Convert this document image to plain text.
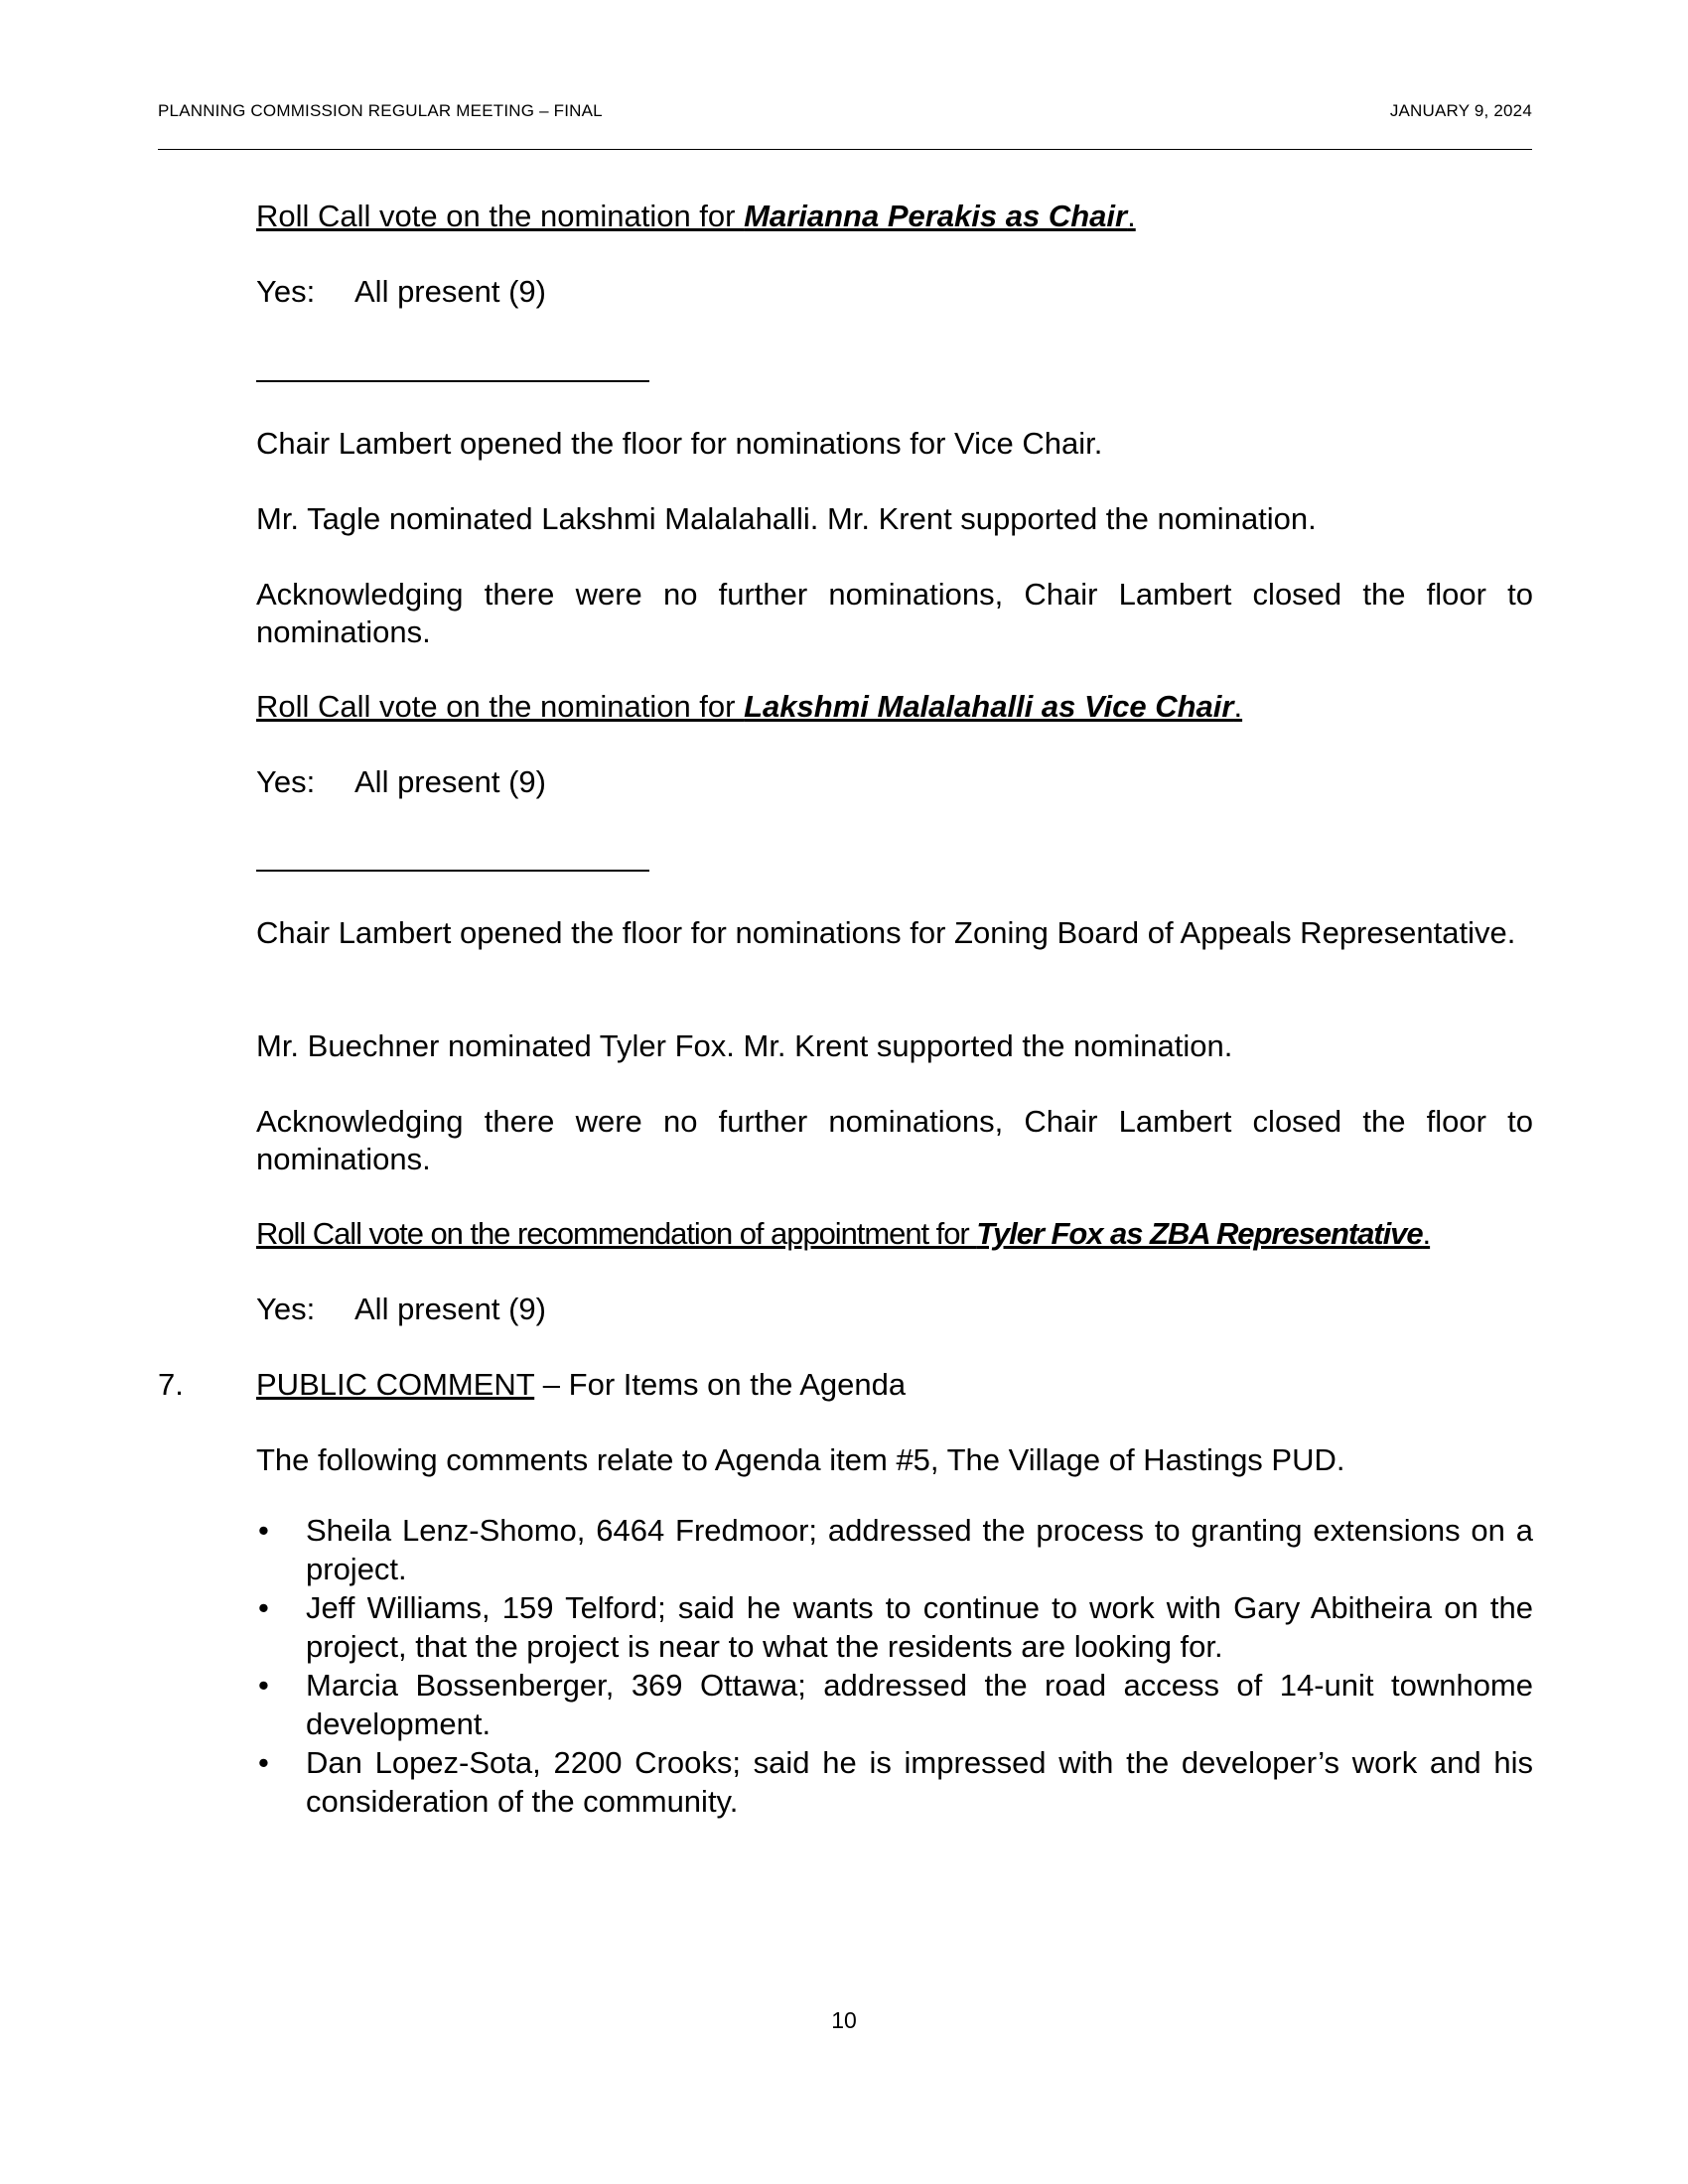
PLANNING COMMISSION REGULAR MEETING – FINAL	JANUARY 9, 2024
Roll Call vote on the nomination for Marianna Perakis as Chair.
Yes: All present (9)
Chair Lambert opened the floor for nominations for Vice Chair.
Mr. Tagle nominated Lakshmi Malalahalli. Mr. Krent supported the nomination.
Acknowledging there were no further nominations, Chair Lambert closed the floor to nominations.
Roll Call vote on the nomination for Lakshmi Malalahalli as Vice Chair.
Yes: All present (9)
Chair Lambert opened the floor for nominations for Zoning Board of Appeals Representative.
Mr. Buechner nominated Tyler Fox. Mr. Krent supported the nomination.
Acknowledging there were no further nominations, Chair Lambert closed the floor to nominations.
Roll Call vote on the recommendation of appointment for Tyler Fox as ZBA Representative.
Yes: All present (9)
7. PUBLIC COMMENT – For Items on the Agenda
The following comments relate to Agenda item #5, The Village of Hastings PUD.
• Sheila Lenz-Shomo, 6464 Fredmoor; addressed the process to granting extensions on a project.
• Jeff Williams, 159 Telford; said he wants to continue to work with Gary Abitheira on the project, that the project is near to what the residents are looking for.
• Marcia Bossenberger, 369 Ottawa; addressed the road access of 14-unit townhome development.
• Dan Lopez-Sota, 2200 Crooks; said he is impressed with the developer’s work and his consideration of the community.
10
